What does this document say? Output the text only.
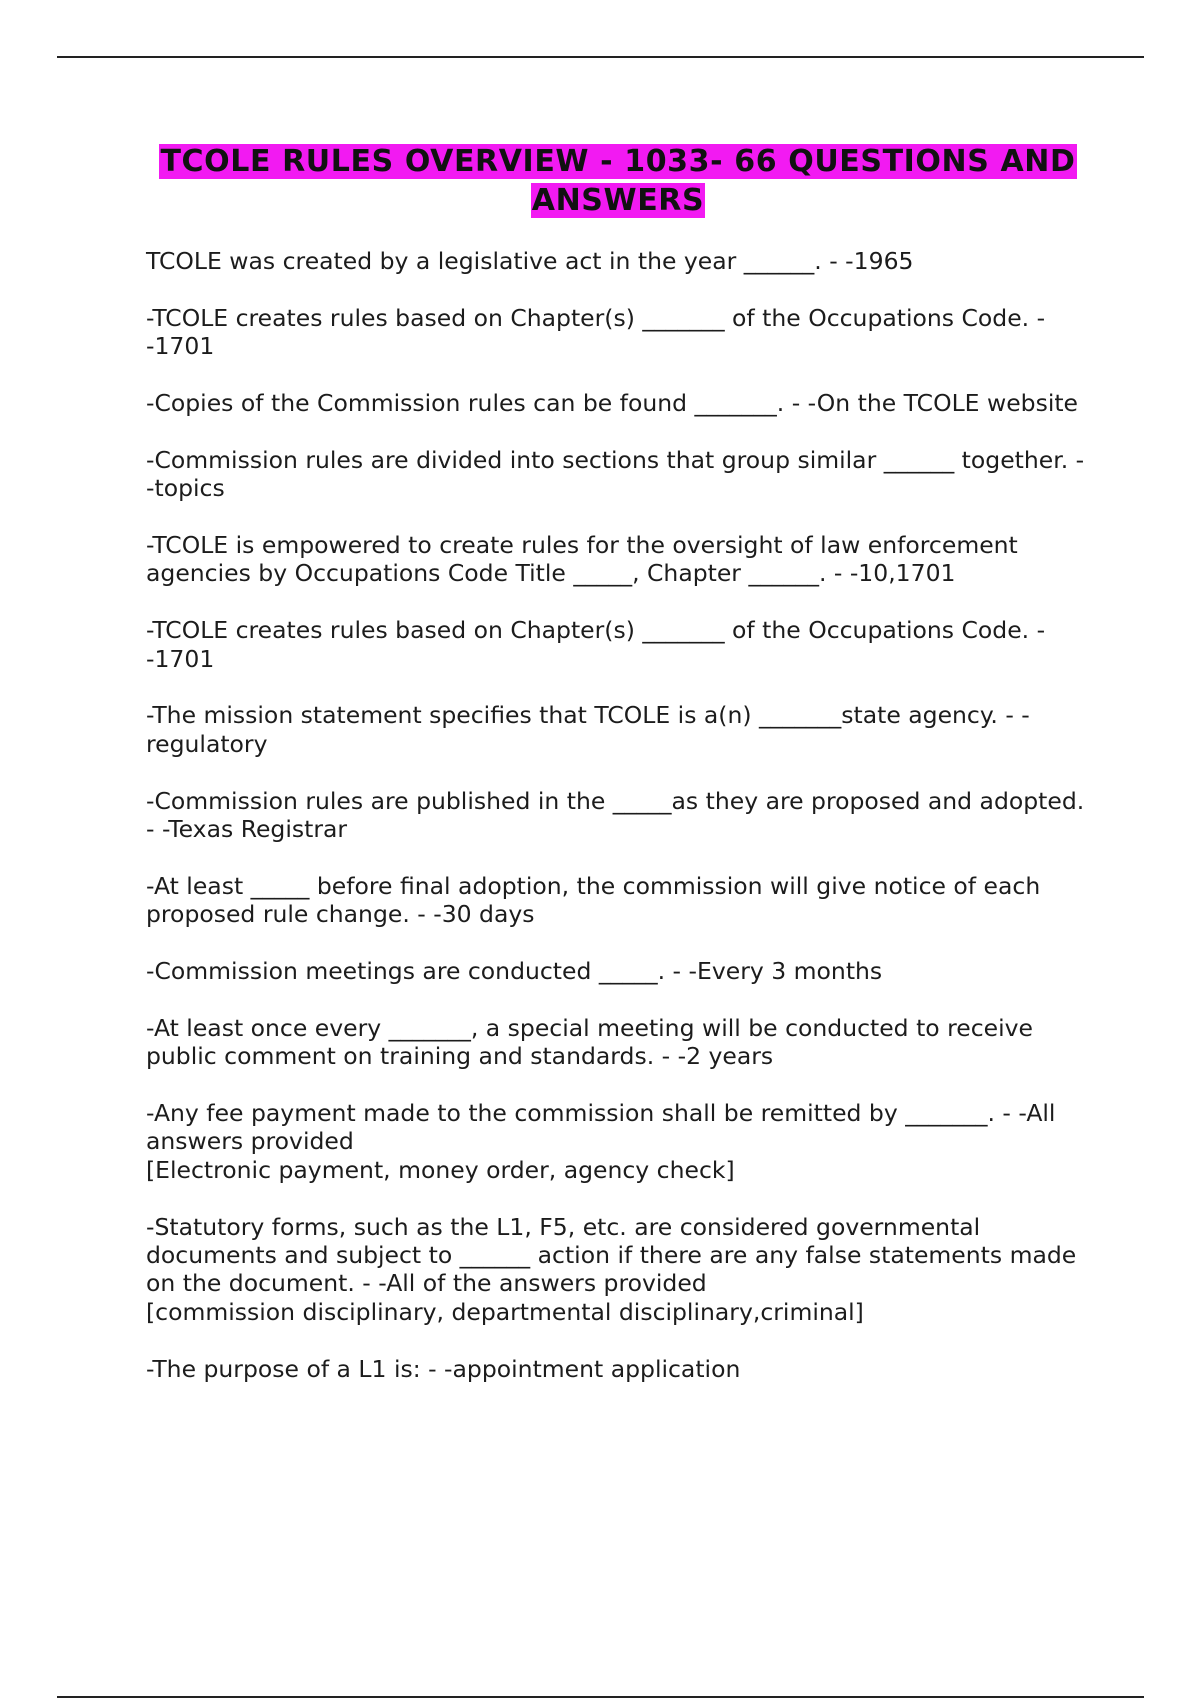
TCOLE RULES OVERVIEW - 1033- 66 QUESTIONS AND ANSWERS

TCOLE was created by a legislative act in the year ______. - -1965

-TCOLE creates rules based on Chapter(s) _______ of the Occupations Code. - -1701

-Copies of the Commission rules can be found _______. - -On the TCOLE website

-Commission rules are divided into sections that group similar ______ together. - -topics

-TCOLE is empowered to create rules for the oversight of law enforcement agencies by Occupations Code Title _____, Chapter ______. - -10,1701

-TCOLE creates rules based on Chapter(s) _______ of the Occupations Code. - -1701

-The mission statement specifies that TCOLE is a(n) _______state agency. - -regulatory

-Commission rules are published in the _____as they are proposed and adopted. - -Texas Registrar

-At least _____ before final adoption, the commission will give notice of each proposed rule change. - -30 days

-Commission meetings are conducted _____. - -Every 3 months

-At least once every _______, a special meeting will be conducted to receive public comment on training and standards. - -2 years

-Any fee payment made to the commission shall be remitted by _______. - -All answers provided
[Electronic payment, money order, agency check]

-Statutory forms, such as the L1, F5, etc. are considered governmental documents and subject to ______ action if there are any false statements made on the document. - -All of the answers provided
[commission disciplinary, departmental disciplinary,criminal]

-The purpose of a L1 is: - -appointment application
